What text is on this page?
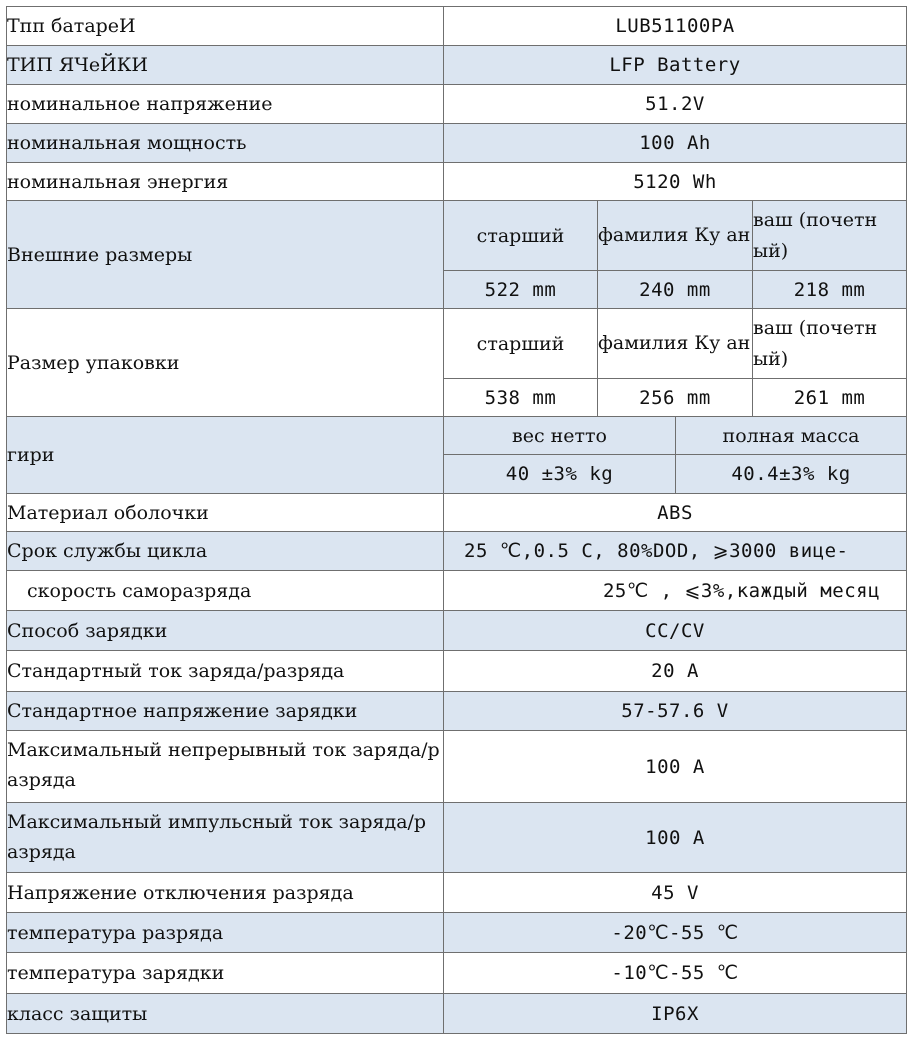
Tпп батареИ	LUB51100PA			
ТИП ЯЧеЙКИ	LFP Battery			
номинальное напряжение	51.2V			
номинальная мощность	100 Ah			
номинальная энергия	5120 Wh			
Внешние размеры	старший	фамилия Ку ан		ваш (почетн ый)
	522 mm	240 mm		218 mm
Размер упаковки	старший	фамилия Ку ан		ваш (почетн ый)
	538 mm	256 mm		261 mm
гири	вес нетто		полная масса	
	40 ±3% kg		40.4±3% kg	
Материал оболочки	ABS			
Срок службы цикла	25 ℃,0.5 C, 80%DOD, ⩾3000 вице-			
скорость саморазряда	25℃ , ⩽3%,каждый месяц			
Способ зарядки	CC/CV			
Стандартный ток заряда/разряда	20 A			
Стандартное напряжение зарядки	57-57.6 V			
Максимальный непрерывный ток заряда/разряда	100 A			
Максимальный импульсный ток заряда/разряда	100 A			
Напряжение отключения разряда	45 V			
температура разряда	-20℃-55 ℃			
температура зарядки	-10℃-55 ℃			
класс защиты	IP6X			
